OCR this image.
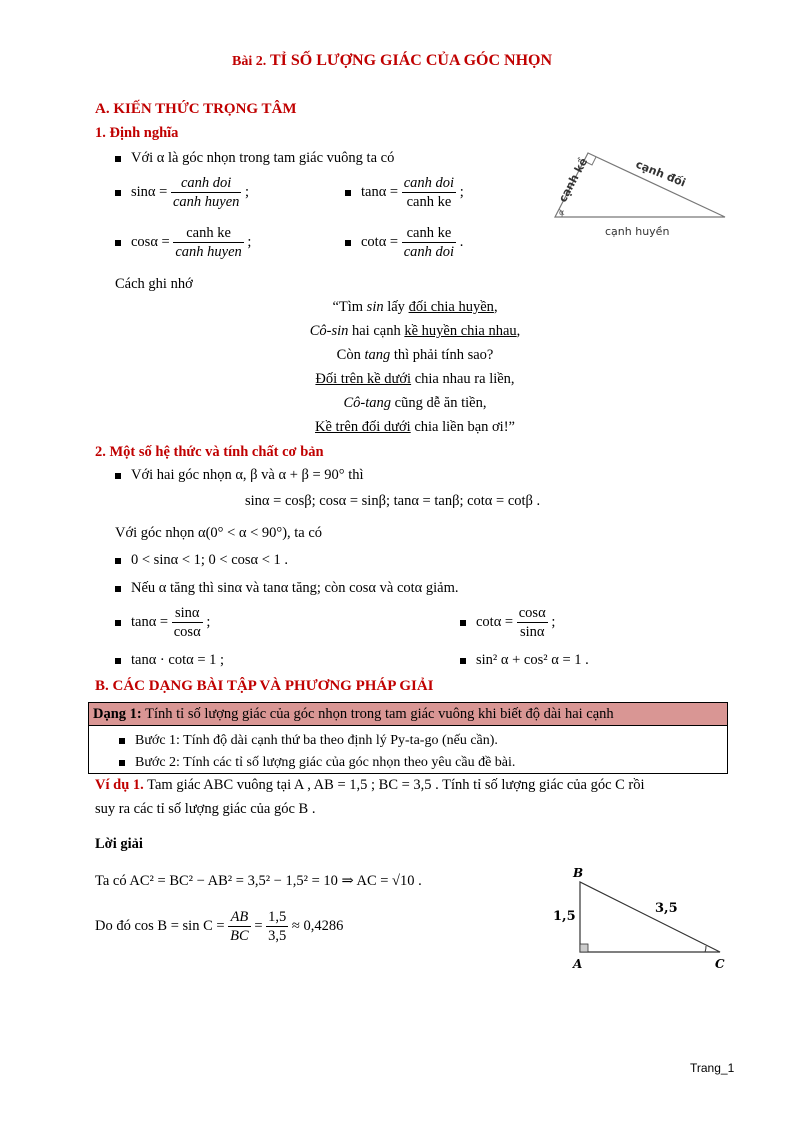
Bài 2. TỈ SỐ LƯỢNG GIÁC CỦA GÓC NHỌN
A. KIẾN THỨC TRỌNG TÂM
1. Định nghĩa
Với α là góc nhọn trong tam giác vuông ta có
$\sin\alpha = \frac{\text{canh doi}}{\text{canh huyen}}$ ;	$\tan\alpha = \frac{\text{canh doi}}{\text{canh ke}}$ ;
$\cos\alpha = \frac{\text{canh ke}}{\text{canh huyen}}$ ;	$\cot\alpha = \frac{\text{canh ke}}{\text{canh doi}}$ .
α
cạnh kề	cạnh đối
cạnh huyền
Cách ghi nhớ
“Tìm sin lấy đối chia huyền,
Cô-sin hai cạnh kề huyền chia nhau,
Còn tang thì phải tính sao?
Đối trên kề dưới chia nhau ra liền,
Cô-tang cũng dễ ăn tiền,
Kề trên đối dưới chia liền bạn ơi!”
2. Một số hệ thức và tính chất cơ bản
Với hai góc nhọn α, β và α + β = 90° thì
sinα = cosβ; cosα = sinβ; tanα = tanβ; cotα = cotβ .
Với góc nhọn α(0° < α < 90°), ta có
0 < sinα < 1; 0 < cosα < 1 .
Nếu α tăng thì sinα và tanα tăng; còn cosα và cotα giảm.
$\tan\alpha = \frac{\sin\alpha}{\cos\alpha}$ ;	$\cot\alpha = \frac{\cos\alpha}{\sin\alpha}$ ;
tanα · cotα = 1 ;	sin² α + cos² α = 1 .
B. CÁC DẠNG BÀI TẬP VÀ PHƯƠNG PHÁP GIẢI
Dạng 1: Tính tỉ số lượng giác của góc nhọn trong tam giác vuông khi biết độ dài hai cạnh
Bước 1: Tính độ dài cạnh thứ ba theo định lý Py-ta-go (nếu cần).
Bước 2: Tính các tỉ số lượng giác của góc nhọn theo yêu cầu đề bài.
Ví dụ 1. Tam giác ABC vuông tại A , AB = 1,5 ; BC = 3,5 . Tính tỉ số lượng giác của góc C rồi
suy ra các tỉ số lượng giác của góc B .
Lời giải
Ta có AC² = BC² − AB² = 3,5² − 1,5² = 10 ⇒ AC = √10 .
Do đó $\cos B = \sin C = \frac{AB}{BC} = \frac{1,5}{3,5} \approx 0,4286$
B
A	C
1,5
3,5
Trang_1
